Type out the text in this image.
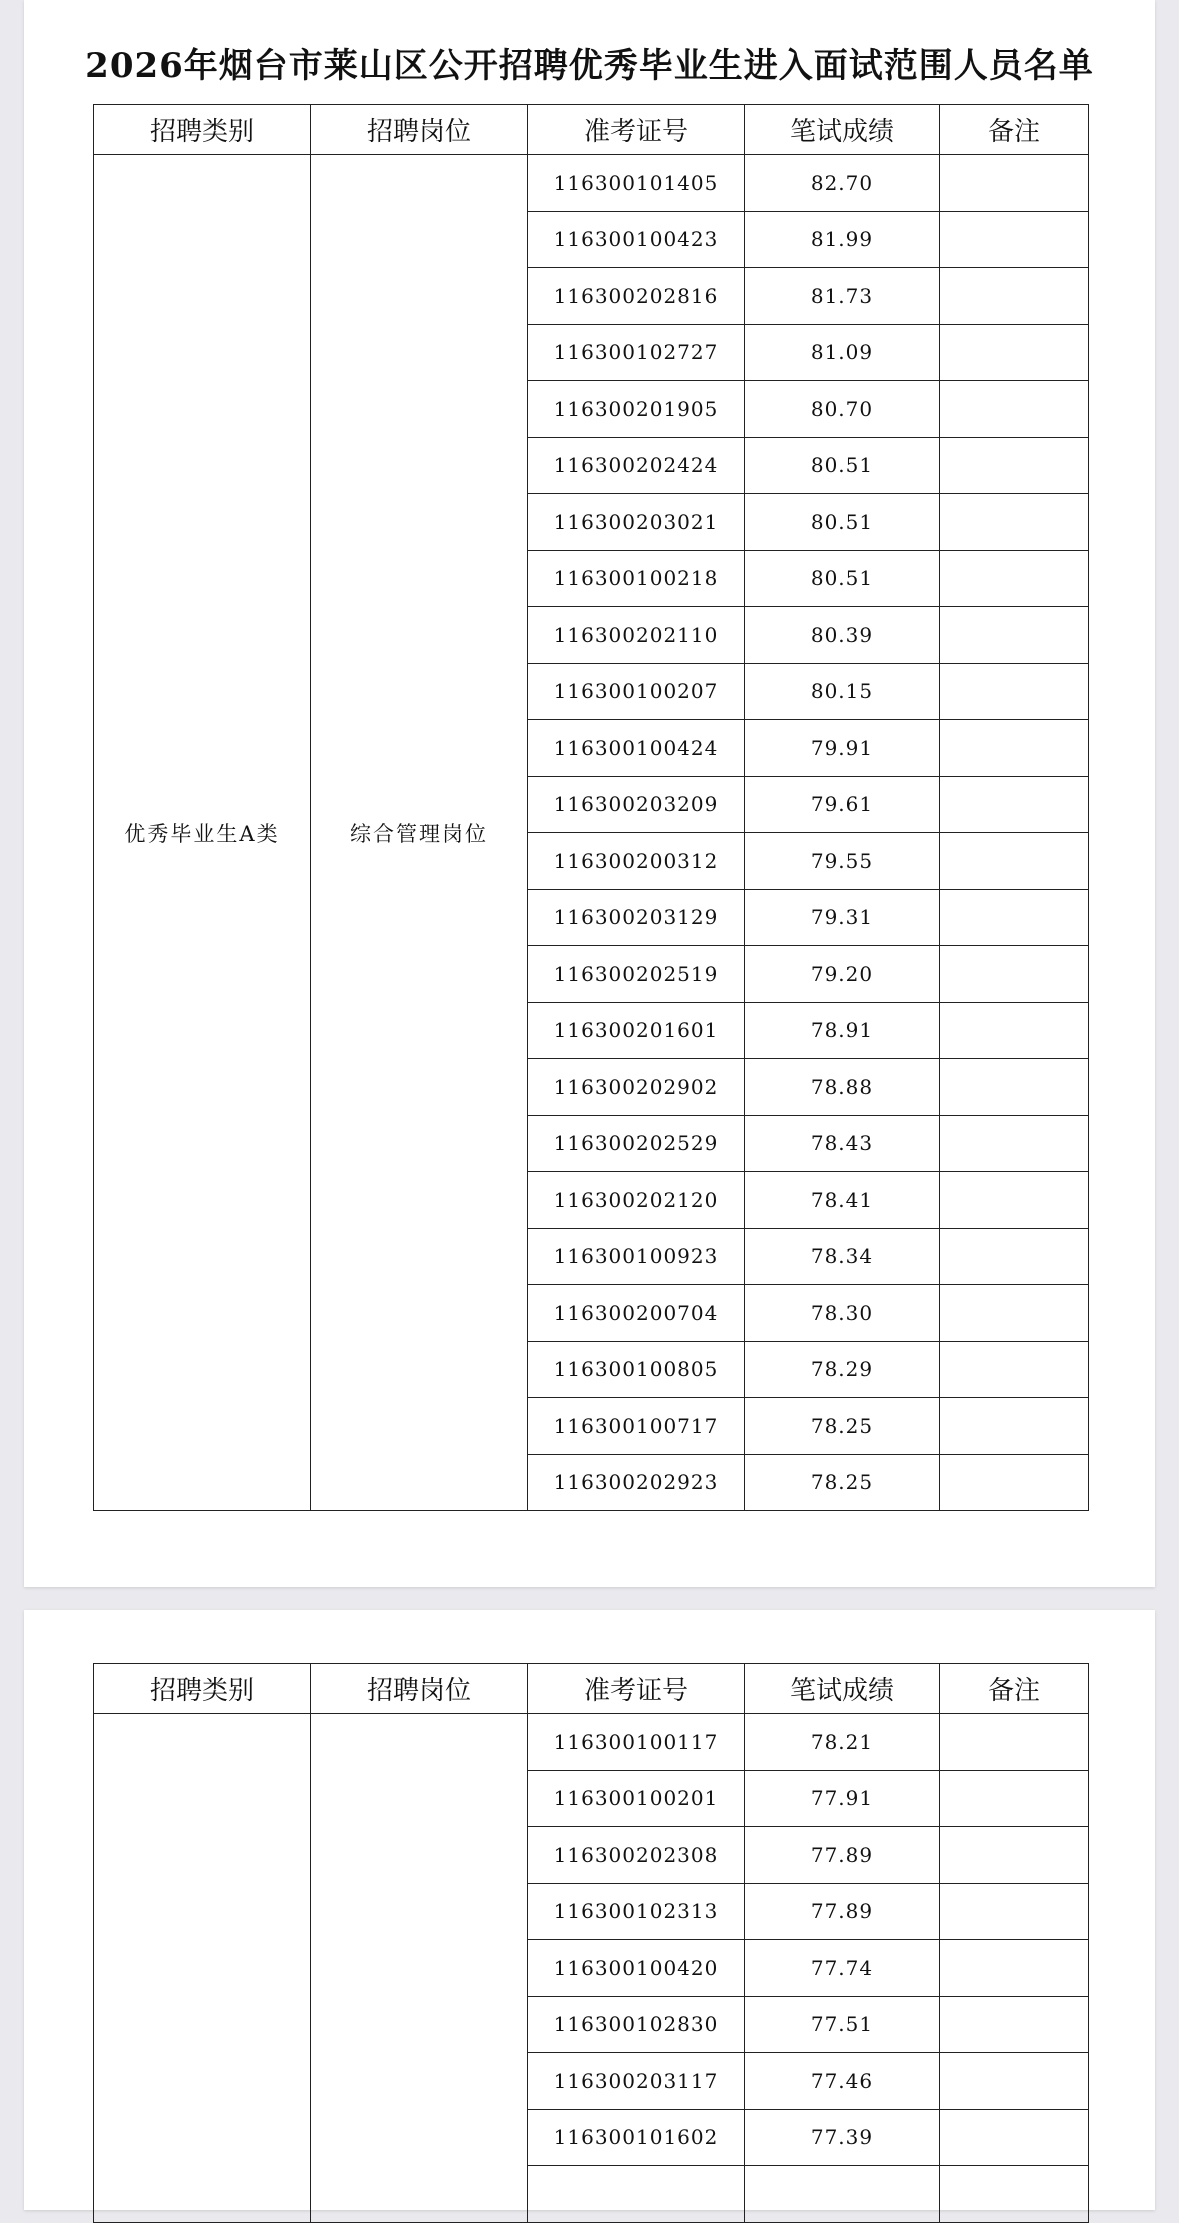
2026年烟台市莱山区公开招聘优秀毕业生进入面试范围人员名单
招聘类别	招聘岗位	准考证号	笔试成绩	备注
优秀毕业生A类	综合管理岗位	116300101405	82.70	
		116300100423	81.99	
		116300202816	81.73	
		116300102727	81.09	
		116300201905	80.70	
		116300202424	80.51	
		116300203021	80.51	
		116300100218	80.51	
		116300202110	80.39	
		116300100207	80.15	
		116300100424	79.91	
		116300203209	79.61	
		116300200312	79.55	
		116300203129	79.31	
		116300202519	79.20	
		116300201601	78.91	
		116300202902	78.88	
		116300202529	78.43	
		116300202120	78.41	
		116300100923	78.34	
		116300200704	78.30	
		116300100805	78.29	
		116300100717	78.25	
		116300202923	78.25	
招聘类别	招聘岗位	准考证号	笔试成绩	备注
		116300100117	78.21	
		116300100201	77.91	
		116300202308	77.89	
		116300102313	77.89	
		116300100420	77.74	
		116300102830	77.51	
		116300203117	77.46	
		116300101602	77.39	
